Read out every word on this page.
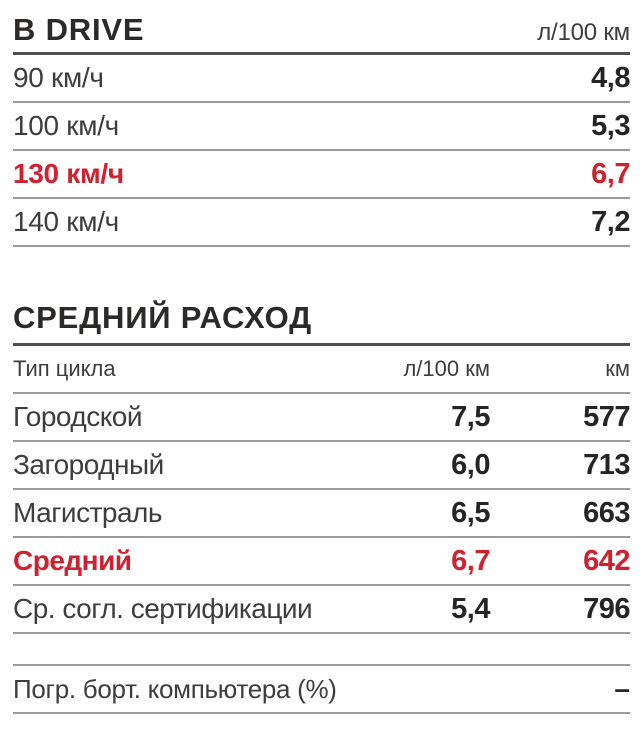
В DRIVE	л/100 км
90 км/ч	4,8
100 км/ч	5,3
130 км/ч	6,7
140 км/ч	7,2
СРЕДНИЙ РАСХОД
Тип цикла	л/100 км	км
Городской	7,5	577
Загородный	6,0	713
Магистраль	6,5	663
Средний	6,7	642
Ср. согл. сертификации	5,4	796
Погр. борт. компьютера (%)	–
